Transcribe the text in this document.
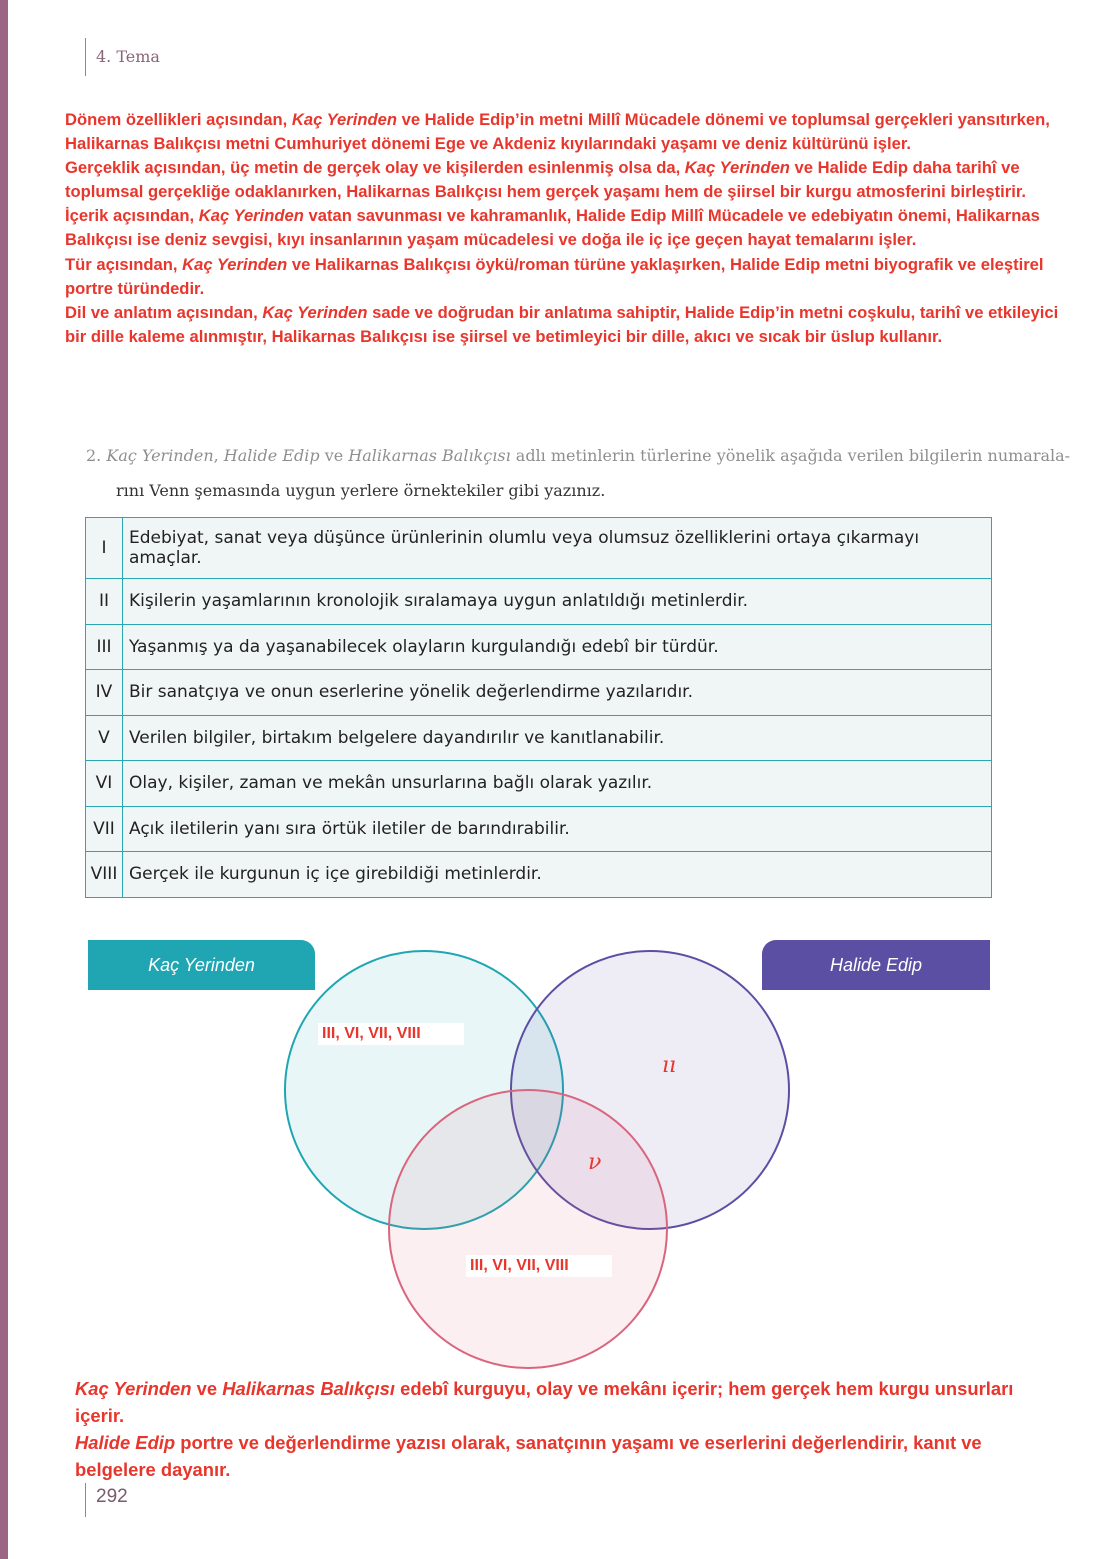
4. Tema

Dönem özellikleri açısından, Kaç Yerinden ve Halide Edip’in metni Millî Mücadele dönemi ve toplumsal gerçekleri yansıtırken, Halikarnas Balıkçısı metni Cumhuriyet dönemi Ege ve Akdeniz kıyılarındaki yaşamı ve deniz kültürünü işler.

Gerçeklik açısından, üç metin de gerçek olay ve kişilerden esinlenmiş olsa da, Kaç Yerinden ve Halide Edip daha tarihî ve toplumsal gerçekliğe odaklanırken, Halikarnas Balıkçısı hem gerçek yaşamı hem de şiirsel bir kurgu atmosferini birleştirir.

İçerik açısından, Kaç Yerinden vatan savunması ve kahramanlık, Halide Edip Millî Mücadele ve edebiyatın önemi, Halikarnas Balıkçısı ise deniz sevgisi, kıyı insanlarının yaşam mücadelesi ve doğa ile iç içe geçen hayat temalarını işler.

Tür açısından, Kaç Yerinden ve Halikarnas Balıkçısı öykü/roman türüne yaklaşırken, Halide Edip metni biyografik ve eleştirel portre türündedir.

Dil ve anlatım açısından, Kaç Yerinden sade ve doğrudan bir anlatıma sahiptir, Halide Edip’in metni coşkulu, tarihî ve etkileyici bir dille kaleme alınmıştır, Halikarnas Balıkçısı ise şiirsel ve betimleyici bir dille, akıcı ve sıcak bir üslup kullanır.

2. Kaç Yerinden, Halide Edip ve Halikarnas Balıkçısı adlı metinlerin türlerine yönelik aşağıda verilen bilgilerin numarala-
rını Venn şemasında uygun yerlere örnektekiler gibi yazınız.
I	Edebiyat, sanat veya düşünce ürünlerinin olumlu veya olumsuz özelliklerini ortaya çıkarmayı amaçlar.
II	Kişilerin yaşamlarının kronolojik sıralamaya uygun anlatıldığı metinlerdir.
III	Yaşanmış ya da yaşanabilecek olayların kurgulandığı edebî bir türdür.
IV	Bir sanatçıya ve onun eserlerine yönelik değerlendirme yazılarıdır.
V	Verilen bilgiler, birtakım belgelere dayandırılır ve kanıtlanabilir.
VI	Olay, kişiler, zaman ve mekân unsurlarına bağlı olarak yazılır.
VII	Açık iletilerin yanı sıra örtük iletiler de barındırabilir.
VIII	Gerçek ile kurgunun iç içe girebildiği metinlerdir.
Kaç Yerinden	Halide Edip
III, VI, VII, VIII
III, VI, VII, VIII
ıı
ν

Kaç Yerinden ve Halikarnas Balıkçısı edebî kurguyu, olay ve mekânı içerir; hem gerçek hem kurgu unsurları içerir.

Halide Edip portre ve değerlendirme yazısı olarak, sanatçının yaşamı ve eserlerini değerlendirir, kanıt ve belgelere dayanır.

292
